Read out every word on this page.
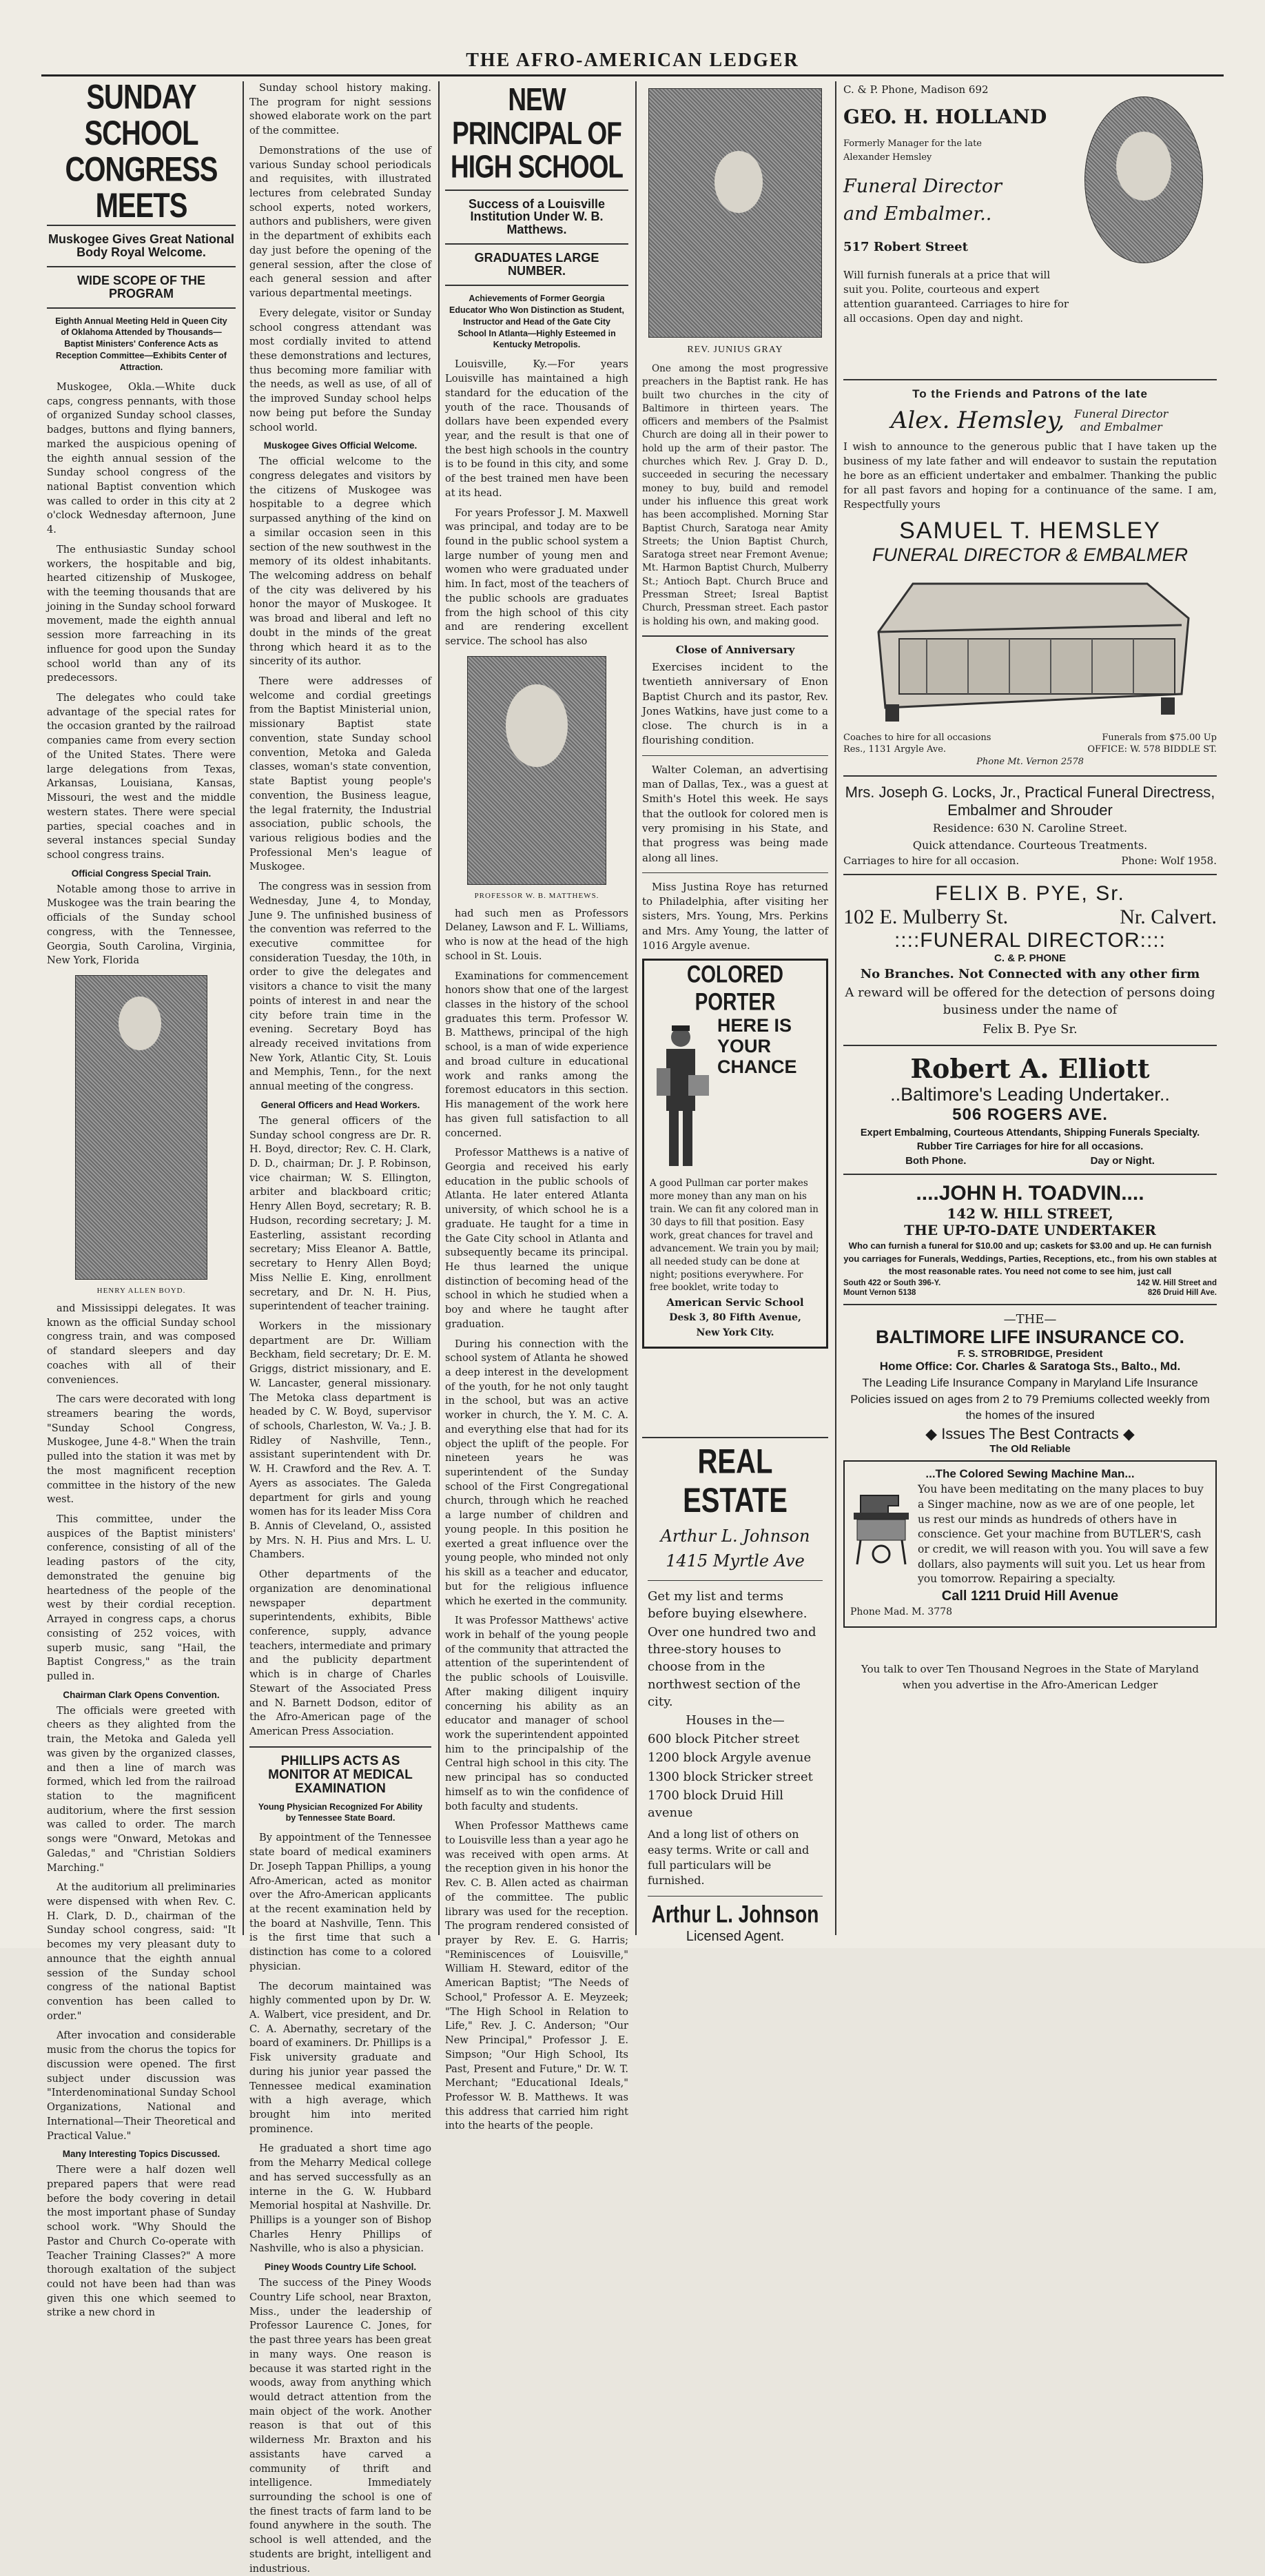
THE AFRO-AMERICAN LEDGER
SUNDAY SCHOOL CONGRESS MEETS
Muskogee Gives Great National Body Royal Welcome.
WIDE SCOPE OF THE PROGRAM
Eighth Annual Meeting Held in Queen City of Oklahoma Attended by Thousands—Baptist Ministers' Conference Acts as Reception Committee—Exhibits Center of Attraction.

Muskogee, Okla.—White duck caps, congress pennants, with those of organized Sunday school classes, badges, buttons and flying banners, marked the auspicious opening of the eighth annual session of the Sunday school congress of the national Baptist convention which was called to order in this city at 2 o'clock Wednesday afternoon, June 4.

The enthusiastic Sunday school workers, the hospitable and big, hearted citizenship of Muskogee, with the teeming thousands that are joining in the Sunday school forward movement, made the eighth annual session more farreaching in its influence for good upon the Sunday school world than any of its predecessors.

The delegates who could take advantage of the special rates for the occasion granted by the railroad companies came from every section of the United States. There were large delegations from Texas, Arkansas, Louisiana, Kansas, Missouri, the west and the middle western states. There were special parties, special coaches and in several instances special Sunday school congress trains.

Official Congress Special Train.

Notable among those to arrive in Muskogee was the train bearing the officials of the Sunday school congress, with the Tennessee, Georgia, South Carolina, Virginia, New York, Florida

HENRY ALLEN BOYD.

and Mississippi delegates. It was known as the official Sunday school congress train, and was composed of standard sleepers and day coaches with all of their conveniences.

The cars were decorated with long streamers bearing the words, "Sunday School Congress, Muskogee, June 4-8." When the train pulled into the station it was met by the most magnificent reception committee in the history of the new west.

This committee, under the auspices of the Baptist ministers' conference, consisting of all of the leading pastors of the city, demonstrated the genuine big heartedness of the people of the west by their cordial reception. Arrayed in congress caps, a chorus consisting of 252 voices, with superb music, sang "Hail, the Baptist Congress," as the train pulled in.

Chairman Clark Opens Convention.

The officials were greeted with cheers as they alighted from the train, the Metoka and Galeda yell was given by the organized classes, and then a line of march was formed, which led from the railroad station to the magnificent auditorium, where the first session was called to order. The march songs were "Onward, Metokas and Galedas," and "Christian Soldiers Marching."

At the auditorium all preliminaries were dispensed with when Rev. C. H. Clark, D. D., chairman of the Sunday school congress, said: "It becomes my very pleasant duty to announce that the eighth annual session of the Sunday school congress of the national Baptist convention has been called to order."

After invocation and considerable music from the chorus the topics for discussion were opened. The first subject under discussion was "Interdenominational Sunday School Organizations, National and International—Their Theoretical and Practical Value."

Many Interesting Topics Discussed.

There were a half dozen well prepared papers that were read before the body covering in detail the most important phase of Sunday school work. "Why Should the Pastor and Church Co-operate with Teacher Training Classes?" A more thorough exaltation of the subject could not have been had than was given this one which seemed to strike a new chord in

Sunday school history making. The program for night sessions showed elaborate work on the part of the committee.

Demonstrations of the use of various Sunday school periodicals and requisites, with illustrated lectures from celebrated Sunday school experts, noted workers, authors and publishers, were given in the department of exhibits each day just before the opening of the general session, after the close of each general session and after various departmental meetings.

Every delegate, visitor or Sunday school congress attendant was most cordially invited to attend these demonstrations and lectures, thus becoming more familiar with the needs, as well as use, of all of the improved Sunday school helps now being put before the Sunday school world.

Muskogee Gives Official Welcome.

The official welcome to the congress delegates and visitors by the citizens of Muskogee was hospitable to a degree which surpassed anything of the kind on a similar occasion seen in this section of the new southwest in the memory of its oldest inhabitants. The welcoming address on behalf of the city was delivered by his honor the mayor of Muskogee. It was broad and liberal and left no doubt in the minds of the great throng which heard it as to the sincerity of its author.

There were addresses of welcome and cordial greetings from the Baptist Ministerial union, missionary Baptist state convention, state Sunday school convention, Metoka and Galeda classes, woman's state convention, state Baptist young people's convention, the Business league, the legal fraternity, the Industrial association, public schools, the various religious bodies and the Professional Men's league of Muskogee.

The congress was in session from Wednesday, June 4, to Monday, June 9. The unfinished business of the convention was referred to the executive committee for consideration Tuesday, the 10th, in order to give the delegates and visitors a chance to visit the many points of interest in and near the city before train time in the evening. Secretary Boyd has already received invitations from New York, Atlantic City, St. Louis and Memphis, Tenn., for the next annual meeting of the congress.

General Officers and Head Workers.

The general officers of the Sunday school congress are Dr. R. H. Boyd, director; Rev. C. H. Clark, D. D., chairman; Dr. J. P. Robinson, vice chairman; W. S. Ellington, arbiter and blackboard critic; Henry Allen Boyd, secretary; R. B. Hudson, recording secretary; J. M. Easterling, assistant recording secretary; Miss Eleanor A. Battle, secretary to Henry Allen Boyd; Miss Nellie E. King, enrollment secretary, and Dr. N. H. Pius, superintendent of teacher training.

Workers in the missionary department are Dr. William Beckham, field secretary; Dr. E. M. Griggs, district missionary, and E. W. Lancaster, general missionary. The Metoka class department is headed by C. W. Boyd, supervisor of schools, Charleston, W. Va.; J. B. Ridley of Nashville, Tenn., assistant superintendent with Dr. W. H. Crawford and the Rev. A. T. Ayers as associates. The Galeda department for girls and young women has for its leader Miss Cora B. Annis of Cleveland, O., assisted by Mrs. N. H. Pius and Mrs. L. U. Chambers.

Other departments of the organization are denominational newspaper department superintendents, exhibits, Bible conference, supply, advance teachers, intermediate and primary and the publicity department which is in charge of Charles Stewart of the Associated Press and N. Barnett Dodson, editor of the Afro-American page of the American Press Association.

PHILLIPS ACTS AS MONITOR AT MEDICAL EXAMINATION
Young Physician Recognized For Ability by Tennessee State Board.

By appointment of the Tennessee state board of medical examiners Dr. Joseph Tappan Phillips, a young Afro-American, acted as monitor over the Afro-American applicants at the recent examination held by the board at Nashville, Tenn. This is the first time that such a distinction has come to a colored physician.

The decorum maintained was highly commented upon by Dr. W. A. Walbert, vice president, and Dr. C. A. Abernathy, secretary of the board of examiners. Dr. Phillips is a Fisk university graduate and during his junior year passed the Tennessee medical examination with a high average, which brought him into merited prominence.

He graduated a short time ago from the Meharry Medical college and has served successfully as an interne in the G. W. Hubbard Memorial hospital at Nashville. Dr. Phillips is a younger son of Bishop Charles Henry Phillips of Nashville, who is also a physician.

Piney Woods Country Life School.

The success of the Piney Woods Country Life school, near Braxton, Miss., under the leadership of Professor Laurence C. Jones, for the past three years has been great in many ways. One reason is because it was started right in the woods, away from anything which would detract attention from the main object of the work. Another reason is that out of this wilderness Mr. Braxton and his assistants have carved a community of thrift and intelligence. Immediately surrounding the school is one of the finest tracts of farm land to be found anywhere in the south. The school is well attended, and the students are bright, intelligent and industrious.

NEW PRINCIPAL OF HIGH SCHOOL
Success of a Louisville Institution Under W. B. Matthews.
GRADUATES LARGE NUMBER.
Achievements of Former Georgia Educator Who Won Distinction as Student, Instructor and Head of the Gate City School In Atlanta—Highly Esteemed in Kentucky Metropolis.

Louisville, Ky.—For years Louisville has maintained a high standard for the education of the youth of the race. Thousands of dollars have been expended every year, and the result is that one of the best high schools in the country is to be found in this city, and some of the best trained men have been at its head.

For years Professor J. M. Maxwell was principal, and today are to be found in the public school system a large number of young men and women who were graduated under him. In fact, most of the teachers of the public schools are graduates from the high school of this city and are rendering excellent service. The school has also

PROFESSOR W. B. MATTHEWS.

had such men as Professors Delaney, Lawson and F. L. Williams, who is now at the head of the high school in St. Louis.

Examinations for commencement honors show that one of the largest classes in the history of the school graduates this term. Professor W. B. Matthews, principal of the high school, is a man of wide experience and broad culture in educational work and ranks among the foremost educators in this section. His management of the work here has given full satisfaction to all concerned.

Professor Matthews is a native of Georgia and received his early education in the public schools of Atlanta. He later entered Atlanta university, of which school he is a graduate. He taught for a time in the Gate City school in Atlanta and subsequently became its principal. He thus learned the unique distinction of becoming head of the school in which he studied when a boy and where he taught after graduation.

During his connection with the school system of Atlanta he showed a deep interest in the development of the youth, for he not only taught in the school, but was an active worker in church, the Y. M. C. A. and everything else that had for its object the uplift of the people. For nineteen years he was superintendent of the Sunday school of the First Congregational church, through which he reached a large number of children and young people. In this position he exerted a great influence over the young people, who minded not only his skill as a teacher and educator, but for the religious influence which he exerted in the community.

It was Professor Matthews' active work in behalf of the young people of the community that attracted the attention of the superintendent of the public schools of Louisville. After making diligent inquiry concerning his ability as an educator and manager of school work the superintendent appointed him to the principalship of the Central high school in this city. The new principal has so conducted himself as to win the confidence of both faculty and students.

When Professor Matthews came to Louisville less than a year ago he was received with open arms. At the reception given in his honor the Rev. C. B. Allen acted as chairman of the committee. The public library was used for the reception. The program rendered consisted of prayer by Rev. E. G. Harris; "Reminiscences of Louisville," William H. Steward, editor of the American Baptist; "The Needs of School," Professor A. E. Meyzeek; "The High School in Relation to Life," Rev. J. C. Anderson; "Our New Principal," Professor J. E. Simpson; "Our High School, Its Past, Present and Future," Dr. W. T. Merchant; "Educational Ideals," Professor W. B. Matthews. It was this address that carried him right into the hearts of the people.

REV. JUNIUS GRAY

One among the most progressive preachers in the Baptist rank. He has built two churches in the city of Baltimore in thirteen years. The officers and members of the Psalmist Church are doing all in their power to hold up the arm of their pastor. The churches which Rev. J. Gray D. D., succeeded in securing the necessary money to buy, build and remodel under his influence this great work has been accomplished. Morning Star Baptist Church, Saratoga near Amity Streets; the Union Baptist Church, Saratoga street near Fremont Avenue; Mt. Harmon Baptist Church, Mulberry St.; Antioch Bapt. Church Bruce and Pressman Street; Isreal Baptist Church, Pressman street. Each pastor is holding his own, and making good.

Close of Anniversary

Exercises incident to the twentieth anniversary of Enon Baptist Church and its pastor, Rev. Jones Watkins, have just come to a close. The church is in a flourishing condition.

Walter Coleman, an advertising man of Dallas, Tex., was a guest at Smith's Hotel this week. He says that the outlook for colored men is very promising in his State, and that progress was being made along all lines.

Miss Justina Roye has returned to Philadelphia, after visiting her sisters, Mrs. Young, Mrs. Perkins and Mrs. Amy Young, the latter of 1016 Argyle avenue.

COLORED PORTER
HERE IS
YOUR
CHANCE
A good Pullman car porter makes more money than any man on his train. We can fit any colored man in 30 days to fill that position. Easy work, great chances for travel and advancement. We train you by mail; all needed study can be done at night; positions everywhere. For free booklet, write today to
American Servic School
Desk 3, 80 Fifth Avenue,
New York City.
REAL ESTATE
Arthur L. Johnson
1415 Myrtle Ave
Get my list and terms before buying elsewhere.
Over one hundred two and three-story houses to choose from in the northwest section of the city.
Houses in the—
600 block Pitcher street
1200 block Argyle avenue
1300 block Stricker street
1700 block Druid Hill avenue
And a long list of others on easy terms. Write or call and full particulars will be furnished.
Arthur L. Johnson
Licensed Agent.
C. & P. Phone, Madison 692
GEO. H. HOLLAND
Formerly Manager for the late
Alexander Hemsley
Funeral Director
and Embalmer..
517 Robert Street
Will furnish funerals at a price that will suit you. Polite, courteous and expert attention guaranteed. Carriages to hire for all occasions. Open day and night.
To the Friends and Patrons of the late
Alex. Hemsley, Funeral Director and Embalmer
I wish to announce to the generous public that I have taken up the business of my late father and will endeavor to sustain the reputation he bore as an efficient undertaker and embalmer. Thanking the public for all past favors and hoping for a continuance of the same. I am, Respectfully yours
SAMUEL T. HEMSLEY
FUNERAL DIRECTOR & EMBALMER
Coaches to hire for all occasions	Funerals from $75.00 Up
Res., 1131 Argyle Ave.	OFFICE: W. 578 BIDDLE ST.
Phone Mt. Vernon 2578
Mrs. Joseph G. Locks, Jr., Practical Funeral Directress, Embalmer and Shrouder
Residence: 630 N. Caroline Street.
Quick attendance. Courteous Treatments.
Carriages to hire for all occasion.	Phone: Wolf 1958.
FELIX B. PYE, Sr.
102 E. Mulberry St.	Nr. Calvert.
::::FUNERAL DIRECTOR::::
C. & P. PHONE
No Branches. Not Connected with any other firm
A reward will be offered for the detection of persons doing business under the name of
Felix B. Pye Sr.
Robert A. Elliott
..Baltimore's Leading Undertaker..
506 ROGERS AVE.
Expert Embalming, Courteous Attendants, Shipping Funerals Specialty. Rubber Tire Carriages for hire for all occasions.
Both Phone.	Day or Night.
....JOHN H. TOADVIN....
142 W. HILL STREET,
THE UP-TO-DATE UNDERTAKER
Who can furnish a funeral for $10.00 and up; caskets for $3.00 and up. He can furnish you carriages for Funerals, Weddings, Parties, Receptions, etc., from his own stables at the most reasonable rates. You need not come to see him, just call
South 422 or South 396-Y.	142 W. Hill Street and
Mount Vernon 5138	826 Druid Hill Ave.
—THE—
BALTIMORE LIFE INSURANCE CO.
F. S. STROBRIDGE, President
Home Office: Cor. Charles & Saratoga Sts., Balto., Md.
The Leading Life Insurance Company in Maryland Life Insurance Policies issued on ages from 2 to 79 Premiums collected weekly from the homes of the insured
◆ Issues The Best Contracts ◆
The Old Reliable
...The Colored Sewing Machine Man...
You have been meditating on the many places to buy a Singer machine, now as we are of one people, let us rest our minds as hundreds of others have in conscience. Get your machine from BUTLER'S, cash or credit, we will reason with you. You will save a few dollars, also payments will suit you. Let us hear from you tomorrow. Repairing a specialty.
Call 1211 Druid Hill Avenue
Phone Mad. M. 3778
You talk to over Ten Thousand Negroes in the State of Maryland
when you advertise in the Afro-American Ledger
